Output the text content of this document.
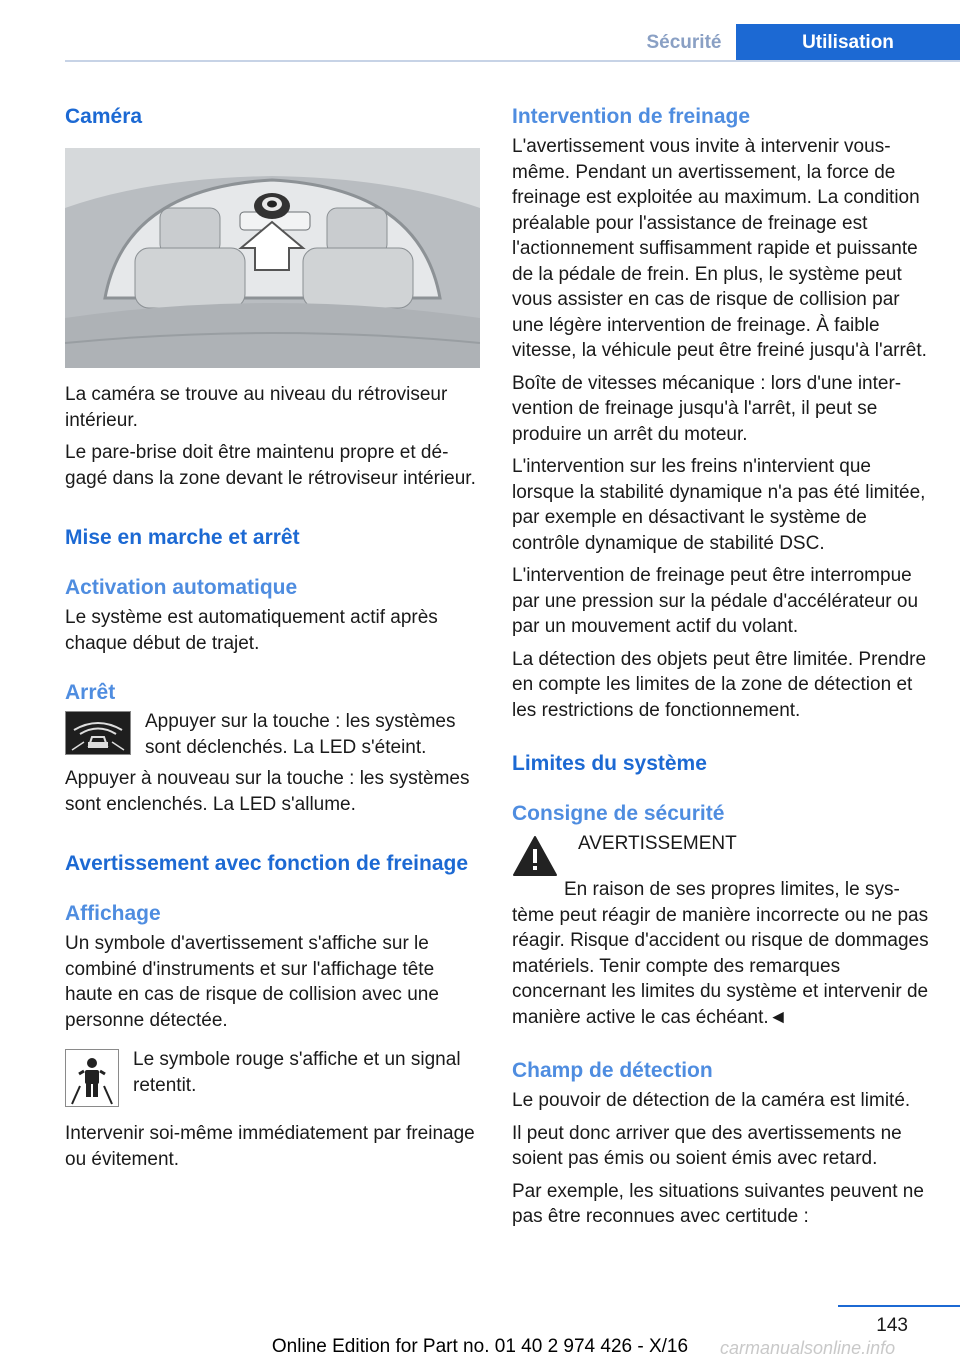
Sécurité	Utilisation
Caméra

La caméra se trouve au niveau du rétroviseur intérieur.

Le pare-brise doit être maintenu propre et dégagé dans la zone devant le rétroviseur intérieur.

Mise en marche et arrêt
Activation automatique

Le système est automatiquement actif après chaque début de trajet.

Arrêt

Appuyer sur la touche : les systèmes sont déclenchés. La LED s'éteint.

Appuyer à nouveau sur la touche : les systèmes sont enclenchés. La LED s'allume.

Avertissement avec fonction de freinage
Affichage

Un symbole d'avertissement s'affiche sur le combiné d'instruments et sur l'affichage tête haute en cas de risque de collision avec une personne détectée.

Le symbole rouge s'affiche et un signal retentit.

Intervenir soi-même immédiatement par freinage ou évitement.

Intervention de freinage

L'avertissement vous invite à intervenir vous-même. Pendant un avertissement, la force de freinage est exploitée au maximum. La condition préalable pour l'assistance de freinage est l'actionnement suffisamment rapide et puissante de la pédale de frein. En plus, le système peut vous assister en cas de risque de collision par une légère intervention de freinage. À faible vitesse, la véhicule peut être freiné jusqu'à l'arrêt.

Boîte de vitesses mécanique : lors d'une intervention de freinage jusqu'à l'arrêt, il peut se produire un arrêt du moteur.

L'intervention sur les freins n'intervient que lorsque la stabilité dynamique n'a pas été limitée, par exemple en désactivant le système de contrôle dynamique de stabilité DSC.

L'intervention de freinage peut être interrompue par une pression sur la pédale d'accélérateur ou par un mouvement actif du volant.

La détection des objets peut être limitée. Prendre en compte les limites de la zone de détection et les restrictions de fonctionnement.

Limites du système
Consigne de sécurité

AVERTISSEMENT

En raison de ses propres limites, le système peut réagir de manière incorrecte ou ne pas réagir. Risque d'accident ou risque de dommages matériels. Tenir compte des remarques concernant les limites du système et intervenir de manière active le cas échéant.◄

Champ de détection

Le pouvoir de détection de la caméra est limité.

Il peut donc arriver que des avertissements ne soient pas émis ou soient émis avec retard.

Par exemple, les situations suivantes peuvent ne pas être reconnues avec certitude :

143
Online Edition for Part no. 01 40 2 974 426 - X/16	carmanualsonline.info
